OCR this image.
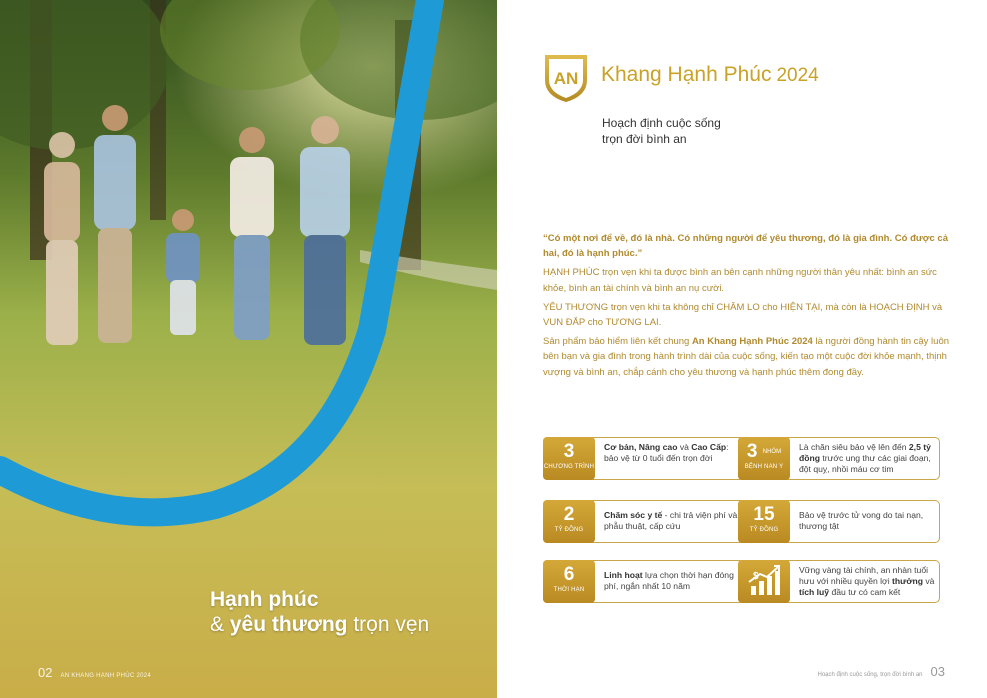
Hạnh phúc
& yêu thương trọn vẹn
02 AN KHANG HẠNH PHÚC 2024
AN Khang Hạnh Phúc 2024
Hoạch định cuộc sống
trọn đời bình an

“Có một nơi để về, đó là nhà. Có những người để yêu thương, đó là gia đình. Có được cả hai, đó là hạnh phúc.”

HẠNH PHÚC trọn vẹn khi ta được bình an bên cạnh những người thân yêu nhất: bình an sức khỏe, bình an tài chính và bình an nụ cười.

YÊU THƯƠNG trọn vẹn khi ta không chỉ CHĂM LO cho HIỆN TẠI, mà còn là HOẠCH ĐỊNH và VUN ĐẮP cho TƯƠNG LAI.

Sản phẩm bảo hiểm liên kết chung An Khang Hạnh Phúc 2024 là người đồng hành tin cậy luôn bên bạn và gia đình trong hành trình dài của cuộc sống, kiến tạo một cuộc đời khỏe mạnh, thịnh vượng và bình an, chắp cánh cho yêu thương và hạnh phúc thêm đong đầy.

3
CHƯƠNG TRÌNH
Cơ bản, Nâng cao và Cao Cấp: bảo vệ từ 0 tuổi đến trọn đời	3 NHÓM
BỆNH NAN Y
Là chăn siêu bảo vệ lên đến 2,5 tỷ đồng trước ung thư các giai đoạn, đột quỵ, nhồi máu cơ tim
2
TỶ ĐỒNG
Chăm sóc y tế - chi trả viện phí và phẫu thuật, cấp cứu
15
TỶ ĐỒNG
Bảo vệ trước tử vong do tai nạn, thương tật
6
THỜI HẠN
Linh hoạt lựa chọn thời hạn đóng phí, ngắn nhất 10 năm
$
Vững vàng tài chính, an nhàn tuổi hưu với nhiều quyền lợi thưởng và tích luỹ đầu tư có cam kết
Hoạch định cuộc sống, trọn đời bình an 03
